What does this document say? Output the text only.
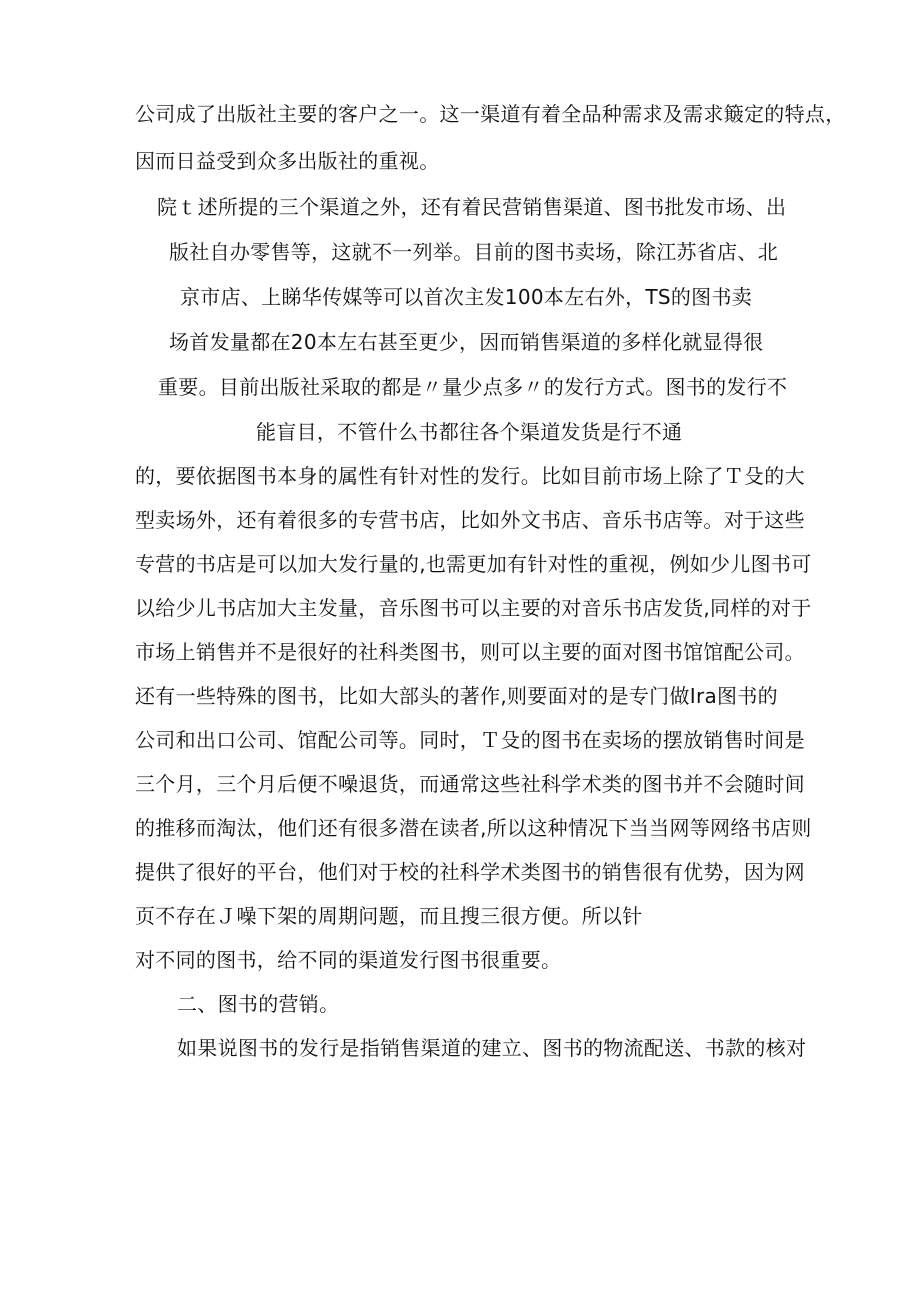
公司成了出版社主要的客户之一。这一渠道有着全品种需求及需求簸定的特点，
因而日益受到众多出版社的重视。
院ｔ述所提的三个渠道之外，还有着民营销售渠道、图书批发市场、出
版社自办零售等，这就不一列举。目前的图书卖场，除江苏省店、北
京市店、上睇华传媒等可以首次主发100本左右外，TS的图书卖
场首发量都在20本左右甚至更少，因而销售渠道的多样化就显得很
重要。目前出版社采取的都是〃量少点多〃的发行方式。图书的发行不
能盲目，不管什么书都往各个渠道发货是行不通
的，要依据图书本身的属性有针对性的发行。比如目前市场上除了Ｔ殳的大
型卖场外，还有着很多的专营书店，比如外文书店、音乐书店等。对于这些
专营的书店是可以加大发行量的,也需更加有针对性的重视，例如少儿图书可
以给少儿书店加大主发量，音乐图书可以主要的对音乐书店发货,同样的对于
市场上销售并不是很好的社科类图书，则可以主要的面对图书馆馆配公司。
还有一些特殊的图书，比如大部头的著作,则要面对的是专门做Ira图书的
公司和出口公司、馆配公司等。同时，Ｔ殳的图书在卖场的摆放销售时间是
三个月，三个月后便不噪退货，而通常这些社科学术类的图书并不会随时间
的推移而淘汰，他们还有很多潜在读者,所以这种情况下当当网等网络书店则
提供了很好的平台，他们对于校的社科学术类图书的销售很有优势，因为网
页不存在Ｊ噪下架的周期问题，而且搜三很方便。所以针
对不同的图书，给不同的渠道发行图书很重要。
二、图书的营销。
如果说图书的发行是指销售渠道的建立、图书的物流配送、书款的核对
